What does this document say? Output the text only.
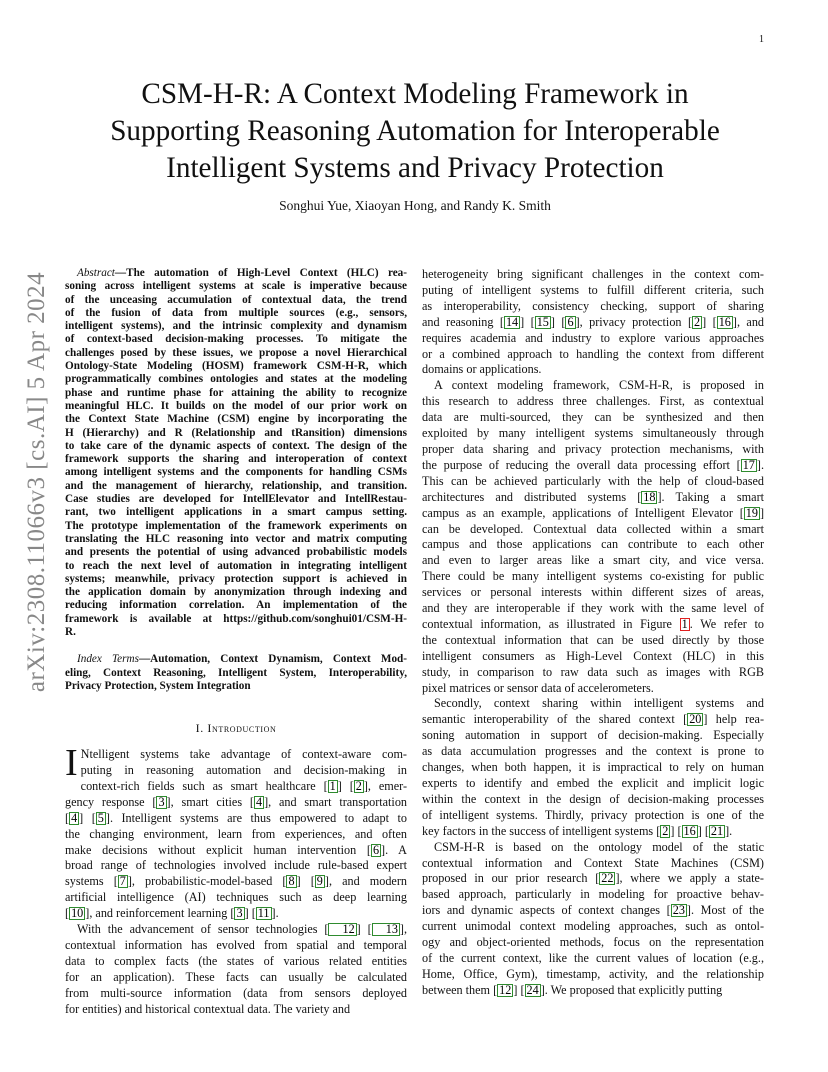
1
arXiv:2308.11066v3 [cs.AI] 5 Apr 2024
CSM-H-R: A Context Modeling Framework in
Supporting Reasoning Automation for Interoperable
Intelligent Systems and Privacy Protection

Songhui Yue, Xiaoyan Hong, and Randy K. Smith

Abstract—The automation of High-Level Context (HLC) rea-
soning across intelligent systems at scale is imperative because
of the unceasing accumulation of contextual data, the trend
of the fusion of data from multiple sources (e.g., sensors,
intelligent systems), and the intrinsic complexity and dynamism
of context-based decision-making processes. To mitigate the
challenges posed by these issues, we propose a novel Hierarchical
Ontology-State Modeling (HOSM) framework CSM-H-R, which
programmatically combines ontologies and states at the modeling
phase and runtime phase for attaining the ability to recognize
meaningful HLC. It builds on the model of our prior work on
the Context State Machine (CSM) engine by incorporating the
H (Hierarchy) and R (Relationship and tRansition) dimensions
to take care of the dynamic aspects of context. The design of the
framework supports the sharing and interoperation of context
among intelligent systems and the components for handling CSMs
and the management of hierarchy, relationship, and transition.
Case studies are developed for IntellElevator and IntellRestau-
rant, two intelligent applications in a smart campus setting.
The prototype implementation of the framework experiments on
translating the HLC reasoning into vector and matrix computing
and presents the potential of using advanced probabilistic models
to reach the next level of automation in integrating intelligent
systems; meanwhile, privacy protection support is achieved in
the application domain by anonymization through indexing and
reducing information correlation. An implementation of the
framework is available at https://github.com/songhui01/CSM-H-
R.
Index Terms—Automation, Context Dynamism, Context Mod-
eling, Context Reasoning, Intelligent System, Interoperability,
Privacy Protection, System Integration
I. Introduction
I Ntelligent systems take advantage of context-aware com-
puting in reasoning automation and decision-making in
context-rich fields such as smart healthcare [ 1 ] [ 2 ], emer-
gency response [ 3 ], smart cities [ 4 ], and smart transportation
[ 4 ] [ 5 ]. Intelligent systems are thus empowered to adapt to
the changing environment, learn from experiences, and often
make decisions without explicit human intervention [ 6 ]. A
broad range of technologies involved include rule-based expert
systems [ 7 ], probabilistic-model-based [ 8 ] [ 9 ], and modern
artificial intelligence (AI) techniques such as deep learning
[ 10 ], and reinforcement learning [ 3 ] [ 11 ].
With the advancement of sensor technologies [ 12 ] [ 13 ],
contextual information has evolved from spatial and temporal
data to complex facts (the states of various related entities
for an application). These facts can usually be calculated
from multi-source information (data from sensors deployed
for entities) and historical contextual data. The variety and
heterogeneity bring significant challenges in the context com-
puting of intelligent systems to fulfill different criteria, such
as interoperability, consistency checking, support of sharing
and reasoning [ 14 ] [ 15 ] [ 6 ], privacy protection [ 2 ] [ 16 ], and
requires academia and industry to explore various approaches
or a combined approach to handling the context from different
domains or applications.
A context modeling framework, CSM-H-R, is proposed in
this research to address three challenges. First, as contextual
data are multi-sourced, they can be synthesized and then
exploited by many intelligent systems simultaneously through
proper data sharing and privacy protection mechanisms, with
the purpose of reducing the overall data processing effort [ 17 ].
This can be achieved particularly with the help of cloud-based
architectures and distributed systems [ 18 ]. Taking a smart
campus as an example, applications of Intelligent Elevator [ 19 ]
can be developed. Contextual data collected within a smart
campus and those applications can contribute to each other
and even to larger areas like a smart city, and vice versa.
There could be many intelligent systems co-existing for public
services or personal interests within different sizes of areas,
and they are interoperable if they work with the same level of
contextual information, as illustrated in Figure 1 . We refer to
the contextual information that can be used directly by those
intelligent consumers as High-Level Context (HLC) in this
study, in comparison to raw data such as images with RGB
pixel matrices or sensor data of accelerometers.
Secondly, context sharing within intelligent systems and
semantic interoperability of the shared context [ 20 ] help rea-
soning automation in support of decision-making. Especially
as data accumulation progresses and the context is prone to
changes, when both happen, it is impractical to rely on human
experts to identify and embed the explicit and implicit logic
within the context in the design of decision-making processes
of intelligent systems. Thirdly, privacy protection is one of the
key factors in the success of intelligent systems [ 2 ] [ 16 ] [ 21 ].
CSM-H-R is based on the ontology model of the static
contextual information and Context State Machines (CSM)
proposed in our prior research [ 22 ], where we apply a state-
based approach, particularly in modeling for proactive behav-
iors and dynamic aspects of context changes [ 23 ]. Most of the
current unimodal context modeling approaches, such as ontol-
ogy and object-oriented methods, focus on the representation
of the current context, like the current values of location (e.g.,
Home, Office, Gym), timestamp, activity, and the relationship
between them [ 12 ] [ 24 ]. We proposed that explicitly putting
